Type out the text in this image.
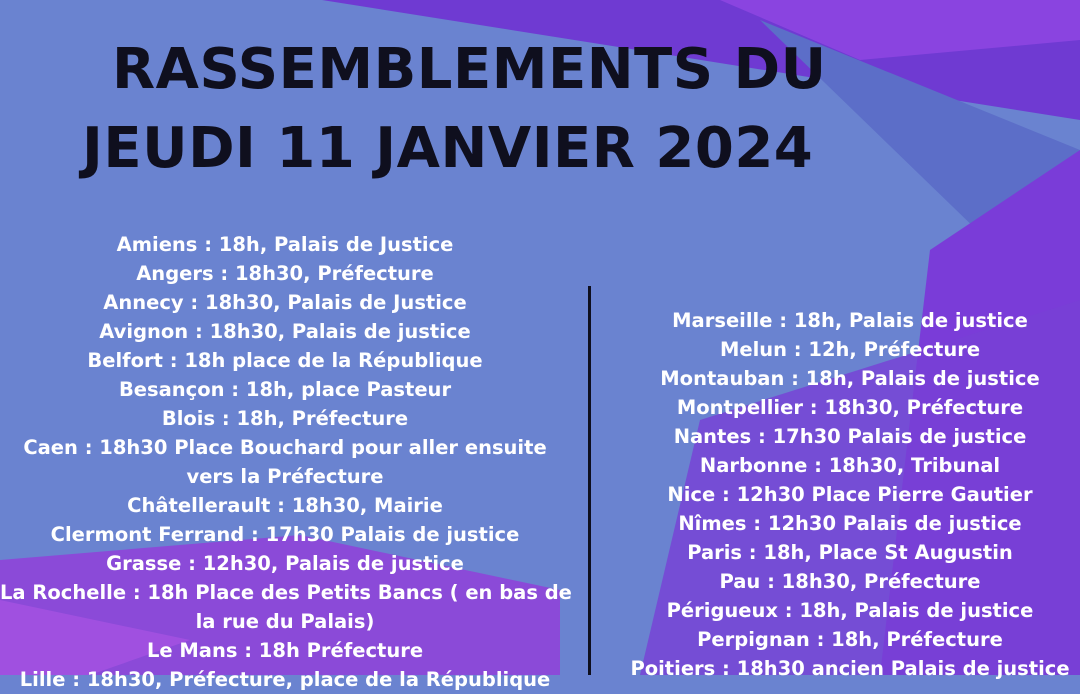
RASSEMBLEMENTS DU
JEUDI 11 JANVIER 2024
Amiens : 18h, Palais de Justice
Angers : 18h30, Préfecture
Annecy : 18h30, Palais de Justice
Avignon : 18h30, Palais de justice
Belfort : 18h place de la République
Besançon : 18h, place Pasteur
Blois : 18h, Préfecture
Caen : 18h30 Place Bouchard pour aller ensuite
vers la Préfecture
Châtellerault : 18h30, Mairie
Clermont Ferrand : 17h30 Palais de justice
Grasse : 12h30, Palais de justice
La Rochelle : 18h Place des Petits Bancs ( en bas de
la rue du Palais)
Le Mans : 18h Préfecture
Lille : 18h30, Préfecture, place de la République
Marseille : 18h, Palais de justice
Melun : 12h, Préfecture
Montauban : 18h, Palais de justice
Montpellier : 18h30, Préfecture
Nantes : 17h30 Palais de justice
Narbonne : 18h30, Tribunal
Nice : 12h30 Place Pierre Gautier
Nîmes : 12h30 Palais de justice
Paris : 18h, Place St Augustin
Pau : 18h30, Préfecture
Périgueux : 18h, Palais de justice
Perpignan : 18h, Préfecture
Poitiers : 18h30 ancien Palais de justice
